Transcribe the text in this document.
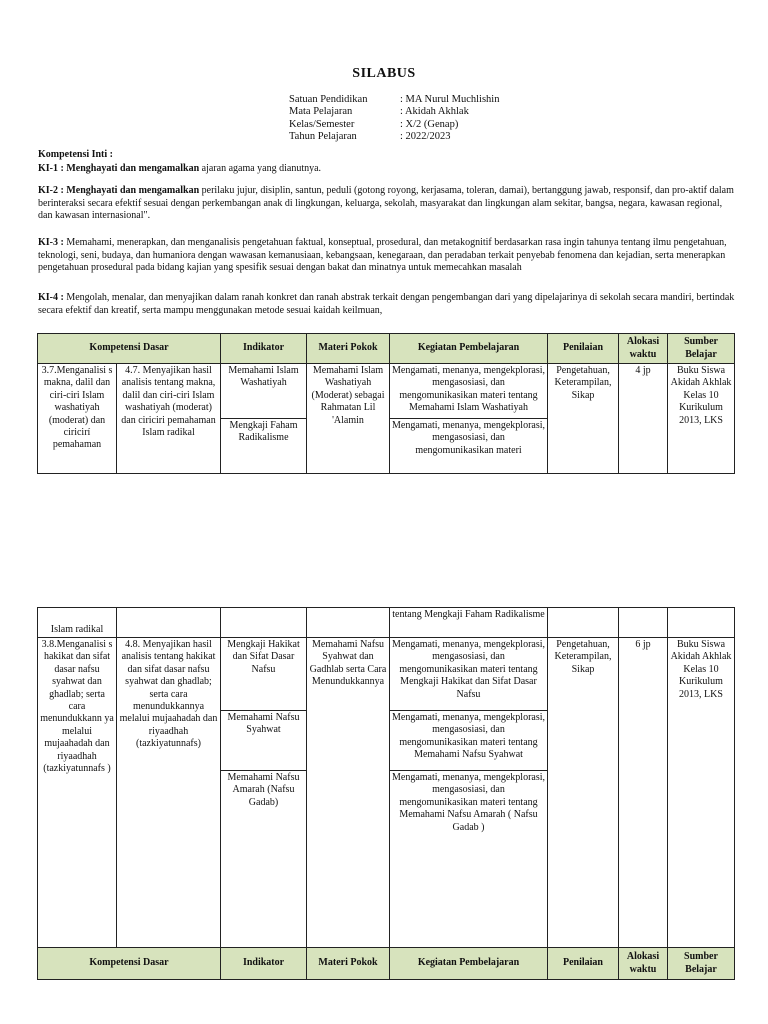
SILABUS
Satuan Pendidikan	: MA Nurul Muchlishin
Mata Pelajaran	: Akidah Akhlak
Kelas/Semester	: X/2 (Genap)
Tahun Pelajaran	: 2022/2023
Kompetensi Inti :
KI-1 : Menghayati dan mengamalkan ajaran agama yang dianutnya.
KI-2 : Menghayati dan mengamalkan perilaku jujur, disiplin, santun, peduli (gotong royong, kerjasama, toleran, damai), bertanggung jawab, responsif, dan pro-aktif dalam berinteraksi secara efektif sesuai dengan perkembangan anak di lingkungan, keluarga, sekolah, masyarakat dan lingkungan alam sekitar, bangsa, negara, kawasan regional, dan kawasan internasional".
KI-3 : Memahami, menerapkan, dan menganalisis pengetahuan faktual, konseptual, prosedural, dan metakognitif berdasarkan rasa ingin tahunya tentang ilmu pengetahuan, teknologi, seni, budaya, dan humaniora dengan wawasan kemanusiaan, kebangsaan, kenegaraan, dan peradaban terkait penyebab fenomena dan kejadian, serta menerapkan pengetahuan prosedural pada bidang kajian yang spesifik sesuai dengan bakat dan minatnya untuk memecahkan masalah
KI-4 : Mengolah, menalar, dan menyajikan dalam ranah konkret dan ranah abstrak terkait dengan pengembangan dari yang dipelajarinya di sekolah secara mandiri, bertindak secara efektif dan kreatif, serta mampu menggunakan metode sesuai kaidah keilmuan,
Kompetensi Dasar		Indikator	Materi Pokok	Kegiatan Pembelajaran	Penilaian	Alokasi waktu	Sumber Belajar
3.7.Menganalisi s makna, dalil dan ciri-ciri Islam washatiyah (moderat) dan ciricirí pemahaman	4.7. Menyajikan hasil analisis tentang makna, dalil dan ciri-ciri Islam washatiyah (moderat) dan ciriciri pemahaman Islam radikal	Memahami Islam Washatiyah	Memahami Islam Washatiyah (Moderat) sebagai Rahmatan Lil 'Alamin	Mengamati, menanya, mengekplorasi, mengasosiasi, dan mengomunikasikan materi tentang Memahami Islam Washatiyah	Pengetahuan, Keterampilan, Sikap	4 jp	Buku Siswa Akidah Akhlak Kelas 10 Kurikulum 2013, LKS
		Mengkaji Faham Radikalisme		Mengamati, menanya, mengekplorasi, mengasosiasi, dan mengomunikasikan materi			
Islam radikal				tentang Mengkaji Faham Radikalisme			
3.8.Menganalisi s hakikat dan sifat dasar nafsu syahwat dan ghadlab; serta cara menundukkann ya melalui mujaahadah dan riyaadhah (tazkiyatunnafs )	4.8. Menyajikan hasil analisis tentang hakikat dan sifat dasar nafsu syahwat dan ghadlab; serta cara menundukkannya melalui mujaahadah dan riyaadhah (tazkiyatunnafs)	Mengkaji Hakikat dan Sifat Dasar Nafsu	Memahami Nafsu Syahwat dan Gadhlab serta Cara Menundukkannya	Mengamati, menanya, mengekplorasi, mengasosiasi, dan mengomunikasikan materi tentang Mengkaji Hakikat dan Sifat Dasar Nafsu	Pengetahuan, Keterampilan, Sikap	6 jp	Buku Siswa Akidah Akhlak Kelas 10 Kurikulum 2013, LKS
		Memahami Nafsu Syahwat		Mengamati, menanya, mengekplorasi, mengasosiasi, dan mengomunikasikan materi tentang Memahami Nafsu Syahwat			
		Memahami Nafsu Amarah (Nafsu Gadab)		Mengamati, menanya, mengekplorasi, mengasosiasi, dan mengomunikasikan materi tentang Memahami Nafsu Amarah ( Nafsu Gadab )			
Kompetensi Dasar		Indikator	Materi Pokok	Kegiatan Pembelajaran	Penilaian	Alokasi waktu	Sumber Belajar
